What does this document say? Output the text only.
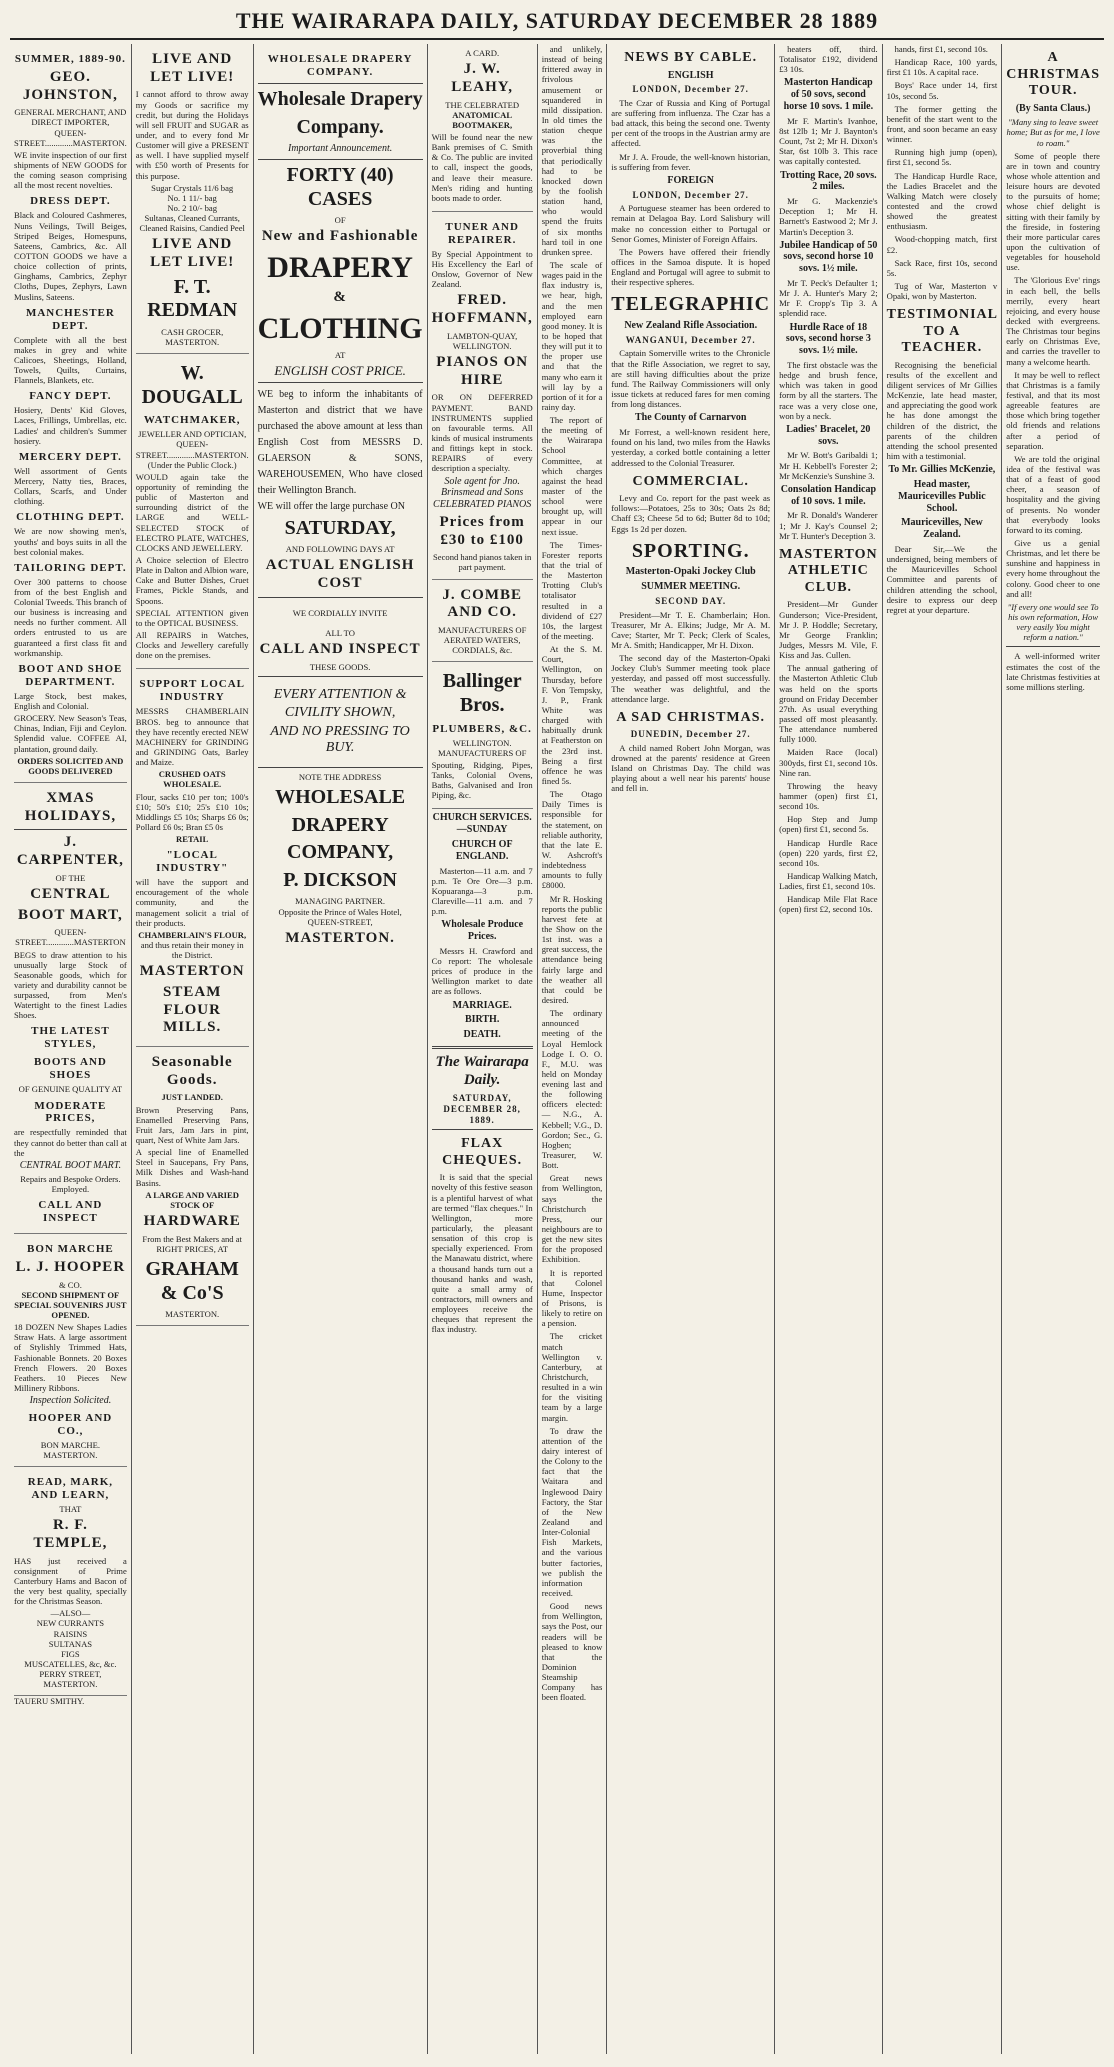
THE WAIRARAPA DAILY, SATURDAY DECEMBER 28 1889
SUMMER, 1889-90.
GEO. JOHNSTON,
GENERAL MERCHANT, AND DIRECT IMPORTER,
QUEEN-STREET.............MASTERTON.

WE invite inspection of our first shipments of NEW GOODS for the coming season comprising all the most recent novelties.

DRESS DEPT.

Black and Coloured Cashmeres, Nuns Veilings, Twill Beiges, Striped Beiges, Homespuns, Sateens, Cambrics, &c. All COTTON GOODS we have a choice collection of prints, Ginghams, Cambrics, Zephyr Cloths, Dupes, Zephyrs, Lawn Muslins, Sateens.

MANCHESTER DEPT.

Complete with all the best makes in grey and white Calicoes, Sheetings, Holland, Towels, Quilts, Curtains, Flannels, Blankets, etc.

FANCY DEPT.

Hosiery, Dents' Kid Gloves, Laces, Frillings, Umbrellas, etc. Ladies' and children's Summer hosiery.

MERCERY DEPT.

Well assortment of Gents Mercery, Natty ties, Braces, Collars, Scarfs, and Under clothing.

CLOTHING DEPT.

We are now showing men's, youths' and boys suits in all the best colonial makes.

TAILORING DEPT.

Over 300 patterns to choose from of the best English and Colonial Tweeds. This branch of our business is increasing and needs no further comment. All orders entrusted to us are guaranteed a first class fit and workmanship.

BOOT AND SHOE DEPARTMENT.

Large Stock, best makes, English and Colonial.

GROCERY. New Season's Teas, Chinas, Indian, Fiji and Ceylon. Splendid value. COFFEE AI, plantation, ground daily.

ORDERS SOLICITED AND GOODS DELIVERED
XMAS HOLIDAYS,
J. CARPENTER,
OF THE
CENTRAL
BOOT MART,
QUEEN-STREET.............MASTERTON

BEGS to draw attention to his unusually large Stock of Seasonable goods, which for variety and durability cannot be surpassed, from Men's Watertight to the finest Ladies Shoes.

THE LATEST STYLES,
BOOTS AND SHOES
OF GENUINE QUALITY AT
MODERATE PRICES,

are respectfully reminded that they cannot do better than call at the

CENTRAL BOOT MART.
Repairs and Bespoke Orders.
Employed.
CALL AND INSPECT
BON MARCHE
L. J. HOOPER
& CO.
SECOND SHIPMENT OF SPECIAL SOUVENIRS JUST OPENED.

18 DOZEN New Shapes Ladies Straw Hats. A large assortment of Stylishly Trimmed Hats, Fashionable Bonnets. 20 Boxes French Flowers. 20 Boxes Feathers. 10 Pieces New Millinery Ribbons.

Inspection Solicited.
HOOPER AND CO.,
BON MARCHE.
MASTERTON.
READ, MARK, AND LEARN,
THAT
R. F. TEMPLE,

HAS just received a consignment of Prime Canterbury Hams and Bacon of the very best quality, specially for the Christmas Season.

—ALSO—
NEW CURRANTS
RAISINS
SULTANAS
FIGS
MUSCATELLES, &c, &c.
PERRY STREET, MASTERTON.
TAUERU SMITHY.
LIVE AND LET LIVE!

I cannot afford to throw away my Goods or sacrifice my credit, but during the Holidays will sell FRUIT and SUGAR as under, and to every fond Mr Customer will give a PRESENT as well. I have supplied myself with £50 worth of Presents for this purpose.

Sugar Crystals 11/6 bag
No. 1 11/- bag
No. 2 10/- bag
Sultanas, Cleaned Currants, Cleaned Raisins, Candied Peel
LIVE AND LET LIVE!
F. T. REDMAN
CASH GROCER,
MASTERTON.
W. DOUGALL
WATCHMAKER,
JEWELLER AND OPTICIAN,
QUEEN-STREET.............MASTERTON.
(Under the Public Clock.)

WOULD again take the opportunity of reminding the public of Masterton and surrounding district of the LARGE and WELL-SELECTED STOCK of ELECTRO PLATE, WATCHES, CLOCKS AND JEWELLERY.

A Choice selection of Electro Plate in Dalton and Albion ware, Cake and Butter Dishes, Cruet Frames, Pickle Stands, and Spoons.

SPECIAL ATTENTION given to the OPTICAL BUSINESS.

All REPAIRS in Watches, Clocks and Jewellery carefully done on the premises.

SUPPORT LOCAL INDUSTRY

MESSRS CHAMBERLAIN BROS. beg to announce that they have recently erected NEW MACHINERY for GRINDING and GRINDING Oats, Barley and Maize.

CRUSHED OATS
WHOLESALE.

Flour, sacks £10 per ton; 100's £10; 50's £10; 25's £10 10s; Middlings £5 10s; Sharps £6 0s; Pollard £6 0s; Bran £5 0s

RETAIL
"LOCAL INDUSTRY"

will have the support and encouragement of the whole community, and the management solicit a trial of their products.

CHAMBERLAIN'S FLOUR,
and thus retain their money in the District.
MASTERTON
STEAM FLOUR MILLS.
Seasonable Goods.
JUST LANDED.

Brown Preserving Pans, Enamelled Preserving Pans, Fruit Jars, Jam Jars in pint, quart, Nest of White Jam Jars.

A special line of Enamelled Steel in Saucepans, Fry Pans, Milk Dishes and Wash-hand Basins.

A LARGE AND VARIED STOCK OF
HARDWARE
From the Best Makers and at RIGHT PRICES, AT
GRAHAM & Co'S
MASTERTON.
WHOLESALE DRAPERY COMPANY.
Wholesale Drapery
Company.
Important Announcement.
FORTY (40) CASES
OF
New and Fashionable
DRAPERY
&
CLOTHING
AT
ENGLISH COST PRICE.

WE beg to inform the inhabitants of Masterton and district that we have purchased the above amount at less than English Cost from MESSRS D. GLAERSON & SONS, WAREHOUSEMEN, Who have closed their Wellington Branch.

WE will offer the large purchase ON

SATURDAY,
AND FOLLOWING DAYS AT
ACTUAL ENGLISH COST
WE CORDIALLY INVITE
ALL TO
CALL AND INSPECT
THESE GOODS.
EVERY ATTENTION &
CIVILITY SHOWN,
AND NO PRESSING TO BUY.
NOTE THE ADDRESS
WHOLESALE
DRAPERY
COMPANY,
P. DICKSON
MANAGING PARTNER.
Opposite the Prince of Wales Hotel,
QUEEN-STREET,
MASTERTON.
A CARD.
J. W. LEAHY,
THE CELEBRATED
ANATOMICAL BOOTMAKER,

Will be found near the new Bank premises of C. Smith & Co. The public are invited to call, inspect the goods, and leave their measure. Men's riding and hunting boots made to order.

TUNER AND REPAIRER.

By Special Appointment to His Excellency the Earl of Onslow, Governor of New Zealand.

FRED. HOFFMANN,
LAMBTON-QUAY, WELLINGTON.
PIANOS ON HIRE

OR ON DEFERRED PAYMENT. BAND INSTRUMENTS supplied on favourable terms. All kinds of musical instruments and fittings kept in stock. REPAIRS of every description a specialty.

Sole agent for Jno. Brinsmead and Sons CELEBRATED PIANOS
Prices from £30 to £100
Second hand pianos taken in part payment.
J. COMBE AND CO.
MANUFACTURERS OF AERATED WATERS, CORDIALS, &c.
Ballinger Bros.
PLUMBERS, &C.
WELLINGTON.
MANUFACTURERS OF

Spouting, Ridging, Pipes, Tanks, Colonial Ovens, Baths, Galvanised and Iron Piping, &c.

CHURCH SERVICES.—SUNDAY
CHURCH OF ENGLAND.

Masterton—11 a.m. and 7 p.m. Te Ore Ore—3 p.m. Kopuaranga—3 p.m. Clareville—11 a.m. and 7 p.m.

Wholesale Produce Prices.

Messrs H. Crawford and Co report: The wholesale prices of produce in the Wellington market to date are as follows.

MARRIAGE.
BIRTH.
DEATH.
The Wairarapa Daily.
SATURDAY, DECEMBER 28, 1889.
FLAX CHEQUES.

It is said that the special novelty of this festive season is a plentiful harvest of what are termed "flax cheques." In Wellington, more particularly, the pleasant sensation of this crop is specially experienced. From the Manawatu district, where a thousand hands turn out a thousand hanks and wash, quite a small army of contractors, mill owners and employees receive the cheques that represent the flax industry.

and unlikely, instead of being frittered away in frivolous amusement or squandered in mild dissipation. In old times the station cheque was the proverbial thing that periodically had to be knocked down by the foolish station hand, who would spend the fruits of six months hard toil in one drunken spree.

The scale of wages paid in the flax industry is, we hear, high, and the men employed earn good money. It is to be hoped that they will put it to the proper use and that the many who earn it will lay by a portion of it for a rainy day.

The report of the meeting of the Wairarapa School Committee, at which charges against the head master of the school were brought up, will appear in our next issue.

The Times-Forester reports that the trial of the Masterton Trotting Club's totalisator resulted in a dividend of £27 10s, the largest of the meeting.

At the S. M. Court, Wellington, on Thursday, before F. Von Tempsky, J. P., Frank White was charged with habitually drunk at Featherston on the 23rd inst. Being a first offence he was fined 5s.

The Otago Daily Times is responsible for the statement, on reliable authority, that the late E. W. Ashcroft's indebtedness amounts to fully £8000.

Mr R. Hosking reports the public harvest fete at the Show on the 1st inst. was a great success, the attendance being fairly large and the weather all that could be desired.

The ordinary announced meeting of the Loyal Hemlock Lodge I. O. O. F., M.U. was held on Monday evening last and the following officers elected: — N.G., A. Kebbell; V.G., D. Gordon; Sec., G. Hogben; Treasurer, W. Bott.

Great news from Wellington, says the Christchurch Press, our neighbours are to get the new sites for the proposed Exhibition.

It is reported that Colonel Hume, Inspector of Prisons, is likely to retire on a pension.

The cricket match Wellington v. Canterbury, at Christchurch, resulted in a win for the visiting team by a large margin.

To draw the attention of the dairy interest of the Colony to the fact that the Waitara and Inglewood Dairy Factory, the Star of the New Zealand and Inter-Colonial Fish Markets, and the various butter factories, we publish the information received.

Good news from Wellington, says the Post, our readers will be pleased to know that the Dominion Steamship Company has been floated.

NEWS BY CABLE.
ENGLISH
LONDON, December 27.

The Czar of Russia and King of Portugal are suffering from influenza. The Czar has a bad attack, this being the second one. Twenty per cent of the troops in the Austrian army are affected.

Mr J. A. Froude, the well-known historian, is suffering from fever.

FOREIGN
LONDON, December 27.

A Portuguese steamer has been ordered to remain at Delagoa Bay. Lord Salisbury will make no concession either to Portugal or Senor Gomes, Minister of Foreign Affairs.

The Powers have offered their friendly offices in the Samoa dispute. It is hoped England and Portugal will agree to submit to their respective spheres.

TELEGRAPHIC
New Zealand Rifle Association.
WANGANUI, December 27.

Captain Somerville writes to the Chronicle that the Rifle Association, we regret to say, are still having difficulties about the prize fund. The Railway Commissioners will only issue tickets at reduced fares for men coming from long distances.

The County of Carnarvon

Mr Forrest, a well-known resident here, found on his land, two miles from the Hawks yesterday, a corked bottle containing a letter addressed to the Colonial Treasurer.

COMMERCIAL.

Levy and Co. report for the past week as follows:—Potatoes, 25s to 30s; Oats 2s 8d; Chaff £3; Cheese 5d to 6d; Butter 8d to 10d; Eggs 1s 2d per dozen.

SPORTING.
Masterton-Opaki Jockey Club
SUMMER MEETING.
SECOND DAY.

President—Mr T. E. Chamberlain; Hon. Treasurer, Mr A. Elkins; Judge, Mr A. M. Cave; Starter, Mr T. Peck; Clerk of Scales, Mr A. Smith; Handicapper, Mr H. Dixon.

The second day of the Masterton-Opaki Jockey Club's Summer meeting took place yesterday, and passed off most successfully. The weather was delightful, and the attendance large.

A SAD CHRISTMAS.
DUNEDIN, December 27.

A child named Robert John Morgan, was drowned at the parents' residence at Green Island on Christmas Day. The child was playing about a well near his parents' house and fell in.

heaters off, third. Totalisator £192, dividend £3 10s.

Masterton Handicap of 50 sovs, second horse 10 sovs. 1 mile.

Mr F. Martin's Ivanhoe, 8st 12lb 1; Mr J. Baynton's Count, 7st 2; Mr H. Dixon's Star, 6st 10lb 3. This race was capitally contested.

Trotting Race, 20 sovs. 2 miles.

Mr G. Mackenzie's Deception 1; Mr H. Barnett's Eastwood 2; Mr J. Martin's Deception 3.

Jubilee Handicap of 50 sovs, second horse 10 sovs. 1½ mile.

Mr T. Peck's Defaulter 1; Mr J. A. Hunter's Mary 2; Mr F. Cropp's Tip 3. A splendid race.

Hurdle Race of 18 sovs, second horse 3 sovs. 1½ mile.

The first obstacle was the hedge and brush fence, which was taken in good form by all the starters. The race was a very close one, won by a neck.

Ladies' Bracelet, 20 sovs.

Mr W. Bott's Garibaldi 1; Mr H. Kebbell's Forester 2; Mr McKenzie's Sunshine 3.

Consolation Handicap of 10 sovs. 1 mile.

Mr R. Donald's Wanderer 1; Mr J. Kay's Counsel 2; Mr T. Hunter's Deception 3.

MASTERTON ATHLETIC CLUB.

President—Mr Gunder Gunderson; Vice-President, Mr J. P. Hoddle; Secretary, Mr George Franklin; Judges, Messrs M. Vile, F. Kiss and Jas. Cullen.

The annual gathering of the Masterton Athletic Club was held on the sports ground on Friday December 27th. As usual everything passed off most pleasantly. The attendance numbered fully 1000.

Maiden Race (local) 300yds, first £1, second 10s. Nine ran.

Throwing the heavy hammer (open) first £1, second 10s.

Hop Step and Jump (open) first £1, second 5s.

Handicap Hurdle Race (open) 220 yards, first £2, second 10s.

Handicap Walking Match, Ladies, first £1, second 10s.

Handicap Mile Flat Race (open) first £2, second 10s.

hands, first £1, second 10s.

Handicap Race, 100 yards, first £1 10s. A capital race.

Boys' Race under 14, first 10s, second 5s.

The former getting the benefit of the start went to the front, and soon became an easy winner.

Running high jump (open), first £1, second 5s.

The Handicap Hurdle Race, the Ladies Bracelet and the Walking Match were closely contested and the crowd showed the greatest enthusiasm.

Wood-chopping match, first £2.

Sack Race, first 10s, second 5s.

Tug of War, Masterton v Opaki, won by Masterton.

TESTIMONIAL TO A TEACHER.

Recognising the beneficial results of the excellent and diligent services of Mr Gillies McKenzie, late head master, and appreciating the good work he has done amongst the children of the district, the parents of the children attending the school presented him with a testimonial.

To Mr. Gillies McKenzie,
Head master, Mauricevilles Public School.
Mauricevilles, New Zealand.

Dear Sir,—We the undersigned, being members of the Mauricevilles School Committee and parents of children attending the school, desire to express our deep regret at your departure.

A CHRISTMAS TOUR.
(By Santa Claus.)

"Many sing to leave sweet home; But as for me, I love to roam."

Some of people there are in town and country whose whole attention and leisure hours are devoted to the pursuits of home; whose chief delight is sitting with their family by the fireside, in fostering their more particular cares upon the cultivation of vegetables for household use.

The 'Glorious Eve' rings in each bell, the bells merrily, every heart rejoicing, and every house decked with evergreens. The Christmas tour begins early on Christmas Eve, and carries the traveller to many a welcome hearth.

It may be well to reflect that Christmas is a family festival, and that its most agreeable features are those which bring together old friends and relations after a period of separation.

We are told the original idea of the festival was that of a feast of good cheer, a season of hospitality and the giving of presents. No wonder that everybody looks forward to its coming.

Give us a genial Christmas, and let there be sunshine and happiness in every home throughout the colony. Good cheer to one and all!

"If every one would see To his own reformation, How very easily You might reform a nation."

A well-informed writer estimates the cost of the late Christmas festivities at some millions sterling.
